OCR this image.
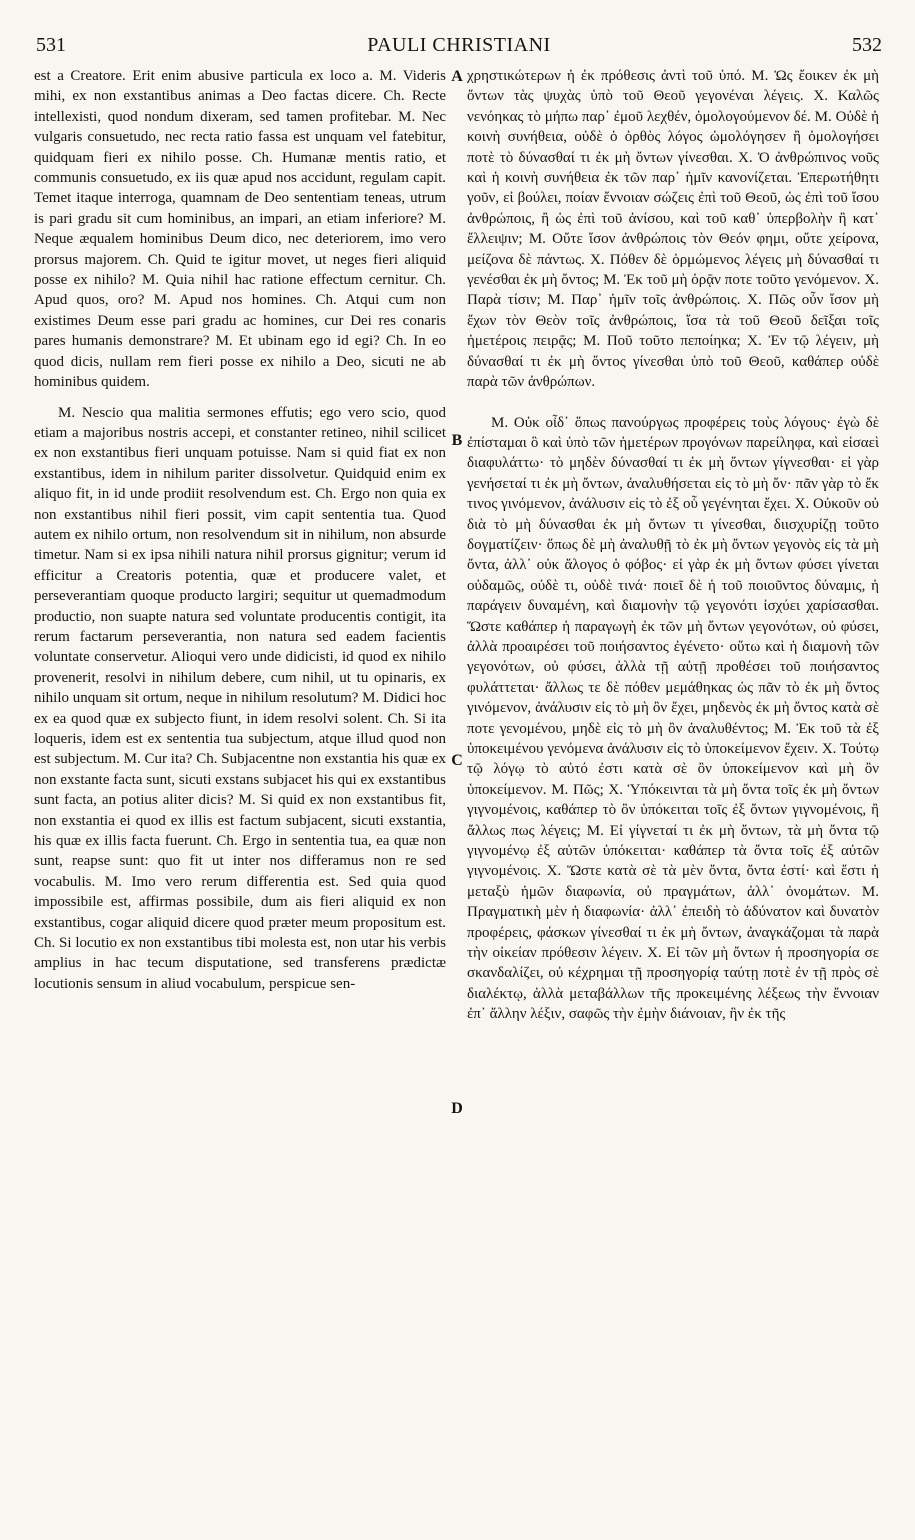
531	PAULI CHRISTIANI	532

est a Creatore. Erit enim abusive particula ex loco a. M. Videris mihi, ex non exstantibus animas a Deo factas dicere. Ch. Recte intellexisti, quod nondum dixeram, sed tamen profitebar. M. Nec vulgaris consuetudo, nec recta ratio fassa est unquam vel fatebitur, quidquam fieri ex nihilo posse. Ch. Humanæ mentis ratio, et communis consuetudo, ex iis quæ apud nos accidunt, regulam capit. Temet itaque interroga, quamnam de Deo sententiam teneas, utrum is pari gradu sit cum hominibus, an impari, an etiam inferiore? M. Neque æqualem hominibus Deum dico, nec deteriorem, imo vero prorsus majorem. Ch. Quid te igitur movet, ut neges fieri aliquid posse ex nihilo? M. Quia nihil hac ratione effectum cernitur. Ch. Apud quos, oro? M. Apud nos homines. Ch. Atqui cum non existimes Deum esse pari gradu ac homines, cur Dei res conaris pares humanis demonstrare? M. Et ubinam ego id egi? Ch. In eo quod dicis, nullam rem fieri posse ex nihilo a Deo, sicuti ne ab hominibus quidem.

M. Nescio qua malitia sermones effutis; ego vero scio, quod etiam a majoribus nostris accepi, et constanter retineo, nihil scilicet ex non exstantibus fieri unquam potuisse. Nam si quid fiat ex non exstantibus, idem in nihilum pariter dissolvetur. Quidquid enim ex aliquo fit, in id unde prodiit resolvendum est. Ch. Ergo non quia ex non exstantibus nihil fieri possit, vim capit sententia tua. Quod autem ex nihilo ortum, non resolvendum sit in nihilum, non absurde timetur. Nam si ex ipsa nihili natura nihil prorsus gignitur; verum id efficitur a Creatoris potentia, quæ et producere valet, et perseverantiam quoque producto largiri; sequitur ut quemadmodum productio, non suapte natura sed voluntate producentis contigit, ita rerum factarum perseverantia, non natura sed eadem facientis voluntate conservetur. Alioqui vero unde didicisti, id quod ex nihilo provenerit, resolvi in nihilum debere, cum nihil, ut tu opinaris, ex nihilo unquam sit ortum, neque in nihilum resolutum? M. Didici hoc ex ea quod quæ ex subjecto fiunt, in idem resolvi solent. Ch. Si ita loqueris, idem est ex sententia tua subjectum, atque illud quod non est subjectum. M. Cur ita? Ch. Subjacentne non exstantia his quæ ex non exstante facta sunt, sicuti exstans subjacet his qui ex exstantibus sunt facta, an potius aliter dicis? M. Si quid ex non exstantibus fit, non exstantia ei quod ex illis est factum subjacent, sicuti exstantia, his quæ ex illis facta fuerunt. Ch. Ergo in sententia tua, ea quæ non sunt, reapse sunt: quo fit ut inter nos differamus non re sed vocabulis. M. Imo vero rerum differentia est. Sed quia quod impossibile est, affirmas possibile, dum ais fieri aliquid ex non exstantibus, cogar aliquid dicere quod præter meum propositum est. Ch. Si locutio ex non exstantibus tibi molesta est, non utar his verbis amplius in hac tecum disputatione, sed transferens prædictæ locutionis sensum in aliud vocabulum, perspicue sen-

A
B
C
D

χρηστικώτερων ἡ ἐκ πρόθεσις ἀντὶ τοῦ ὑπό. Μ. Ὡς ἔοικεν ἐκ μὴ ὄντων τὰς ψυχὰς ὑπὸ τοῦ Θεοῦ γεγονέναι λέγεις. Χ. Καλῶς νενόηκας τὸ μήπω παρ᾿ ἐμοῦ λεχθέν, ὁμολογούμενον δέ. Μ. Οὐδὲ ἡ κοινὴ συνήθεια, οὐδὲ ὁ ὀρθὸς λόγος ὡμολόγησεν ἢ ὁμολογήσει ποτὲ τὸ δύνασθαί τι ἐκ μὴ ὄντων γίνεσθαι. Χ. Ὁ ἀνθρώπινος νοῦς καὶ ἡ κοινὴ συνήθεια ἐκ τῶν παρ᾿ ἡμῖν κανονίζεται. Ἐπερωτήθητι γοῦν, εἰ βούλει, ποίαν ἔννοιαν σώζεις ἐπὶ τοῦ Θεοῦ, ὡς ἐπὶ τοῦ ἴσου ἀνθρώποις, ἢ ὡς ἐπὶ τοῦ ἀνίσου, καὶ τοῦ καθ᾿ ὑπερβολὴν ἢ κατ᾿ ἔλλειψιν; Μ. Οὔτε ἴσον ἀνθρώποις τὸν Θεόν φημι, οὔτε χείρονα, μείζονα δὲ πάντως. Χ. Πόθεν δὲ ὁρμώμενος λέγεις μὴ δύνασθαί τι γενέσθαι ἐκ μὴ ὄντος; Μ. Ἐκ τοῦ μὴ ὁρᾷν ποτε τοῦτο γενόμενον. Χ. Παρὰ τίσιν; Μ. Παρ᾿ ἡμῖν τοῖς ἀνθρώποις. Χ. Πῶς οὖν ἴσον μὴ ἔχων τὸν Θεὸν τοῖς ἀνθρώποις, ἴσα τὰ τοῦ Θεοῦ δεῖξαι τοῖς ἡμετέροις πειρᾷς; Μ. Ποῦ τοῦτο πεποίηκα; Χ. Ἐν τῷ λέγειν, μὴ δύνασθαί τι ἐκ μὴ ὄντος γίνεσθαι ὑπὸ τοῦ Θεοῦ, καθάπερ οὐδὲ παρὰ τῶν ἀνθρώπων.

Μ. Οὐκ οἶδ᾿ ὅπως πανούργως προφέρεις τοὺς λόγους· ἐγὼ δὲ ἐπίσταμαι ὃ καὶ ὑπὸ τῶν ἡμετέρων προγόνων παρείληφα, καὶ εἰσαεὶ διαφυλάττω· τὸ μηδὲν δύνασθαί τι ἐκ μὴ ὄντων γίγνεσθαι· εἰ γὰρ γενήσεταί τι ἐκ μὴ ὄντων, ἀναλυθήσεται εἰς τὸ μὴ ὄν· πᾶν γὰρ τὸ ἔκ τινος γινόμενον, ἀνάλυσιν εἰς τὸ ἐξ οὗ γεγένηται ἔχει. Χ. Οὐκοῦν οὐ διὰ τὸ μὴ δύνασθαι ἐκ μὴ ὄντων τι γίνεσθαι, διισχυρίζῃ τοῦτο δογματίζειν· ὅπως δὲ μὴ ἀναλυθῇ τὸ ἐκ μὴ ὄντων γεγονὸς εἰς τὰ μὴ ὄντα, ἀλλ᾿ οὐκ ἄλογος ὁ φόβος· εἰ γὰρ ἐκ μὴ ὄντων φύσει γίνεται οὐδαμῶς, οὐδὲ τι, οὐδὲ τινά· ποιεῖ δὲ ἡ τοῦ ποιοῦντος δύναμις, ἡ παράγειν δυναμένη, καὶ διαμονὴν τῷ γεγονότι ἰσχύει χαρίσασθαι. Ὥστε καθάπερ ἡ παραγωγὴ ἐκ τῶν μὴ ὄντων γεγονότων, οὐ φύσει, ἀλλὰ προαιρέσει τοῦ ποιήσαντος ἐγένετο· οὕτω καὶ ἡ διαμονὴ τῶν γεγονότων, οὐ φύσει, ἀλλὰ τῇ αὐτῇ προθέσει τοῦ ποιήσαντος φυλάττεται· ἄλλως τε δὲ πόθεν μεμάθηκας ὡς πᾶν τὸ ἐκ μὴ ὄντος γινόμενον, ἀνάλυσιν εἰς τὸ μὴ ὂν ἔχει, μηδενὸς ἐκ μὴ ὄντος κατὰ σὲ ποτε γενομένου, μηδὲ εἰς τὸ μὴ ὂν ἀναλυθέντος; Μ. Ἐκ τοῦ τὰ ἐξ ὑποκειμένου γενόμενα ἀνάλυσιν εἰς τὸ ὑποκείμενον ἔχειν. Χ. Τούτῳ τῷ λόγῳ τὸ αὐτό ἐστι κατὰ σὲ ὂν ὑποκείμενον καὶ μὴ ὂν ὑποκείμενον. Μ. Πῶς; Χ. Ὑπόκεινται τὰ μὴ ὄντα τοῖς ἐκ μὴ ὄντων γιγνομένοις, καθάπερ τὸ ὂν ὑπόκειται τοῖς ἐξ ὄντων γιγνομένοις, ἢ ἄλλως πως λέγεις; Μ. Εἰ γίγνεταί τι ἐκ μὴ ὄντων, τὰ μὴ ὄντα τῷ γιγνομένῳ ἐξ αὐτῶν ὑπόκειται· καθάπερ τὰ ὄντα τοῖς ἐξ αὐτῶν γιγνομένοις. Χ. Ὥστε κατὰ σὲ τὰ μὲν ὄντα, ὄντα ἐστί· καὶ ἔστι ἡ μεταξὺ ἡμῶν διαφωνία, οὐ πραγμάτων, ἀλλ᾿ ὀνομάτων. Μ. Πραγματικὴ μὲν ἡ διαφωνία· ἀλλ᾿ ἐπειδὴ τὸ ἀδύνατον καὶ δυνατὸν προφέρεις, φάσκων γίνεσθαί τι ἐκ μὴ ὄντων, ἀναγκάζομαι τὰ παρὰ τὴν οἰκείαν πρόθεσιν λέγειν. Χ. Εἰ τῶν μὴ ὄντων ἡ προσηγορία σε σκανδαλίζει, οὐ κέχρημαι τῇ προσηγορίᾳ ταύτῃ ποτὲ ἐν τῇ πρὸς σὲ διαλέκτῳ, ἀλλὰ μεταβάλλων τῆς προκειμένης λέξεως τὴν ἔννοιαν ἐπ᾿ ἄλλην λέξιν, σαφῶς τὴν ἐμὴν διάνοιαν, ἣν ἐκ τῆς
